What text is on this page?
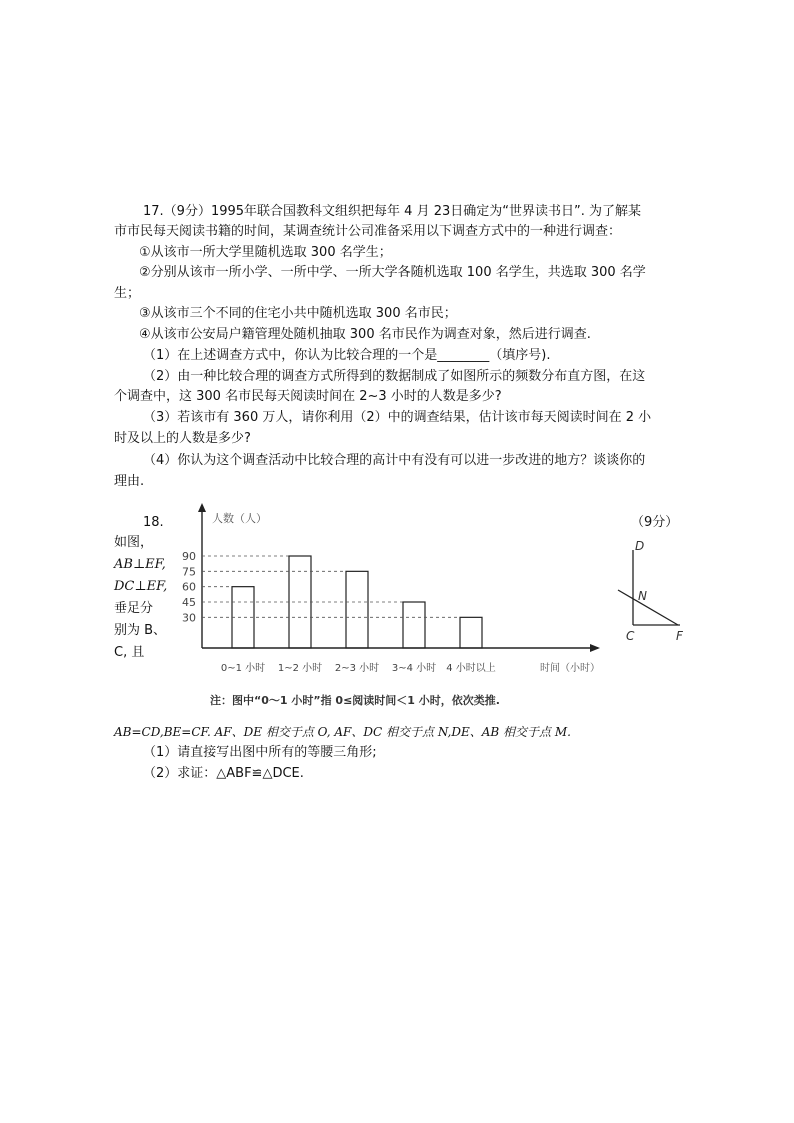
17.（9分）1995年联合国教科文组织把每年 4 月 23日确定为“世界读书日”. 为了解某
市市民每天阅读书籍的时间，某调查统计公司准备采用以下调查方式中的一种进行调查：
①从该市一所大学里随机选取 300 名学生；
②分别从该市一所小学、一所中学、一所大学各随机选取 100 名学生，共选取 300 名学
生；
③从该市三个不同的住宅小共中随机选取 300 名市民；
④从该市公安局户籍管理处随机抽取 300 名市民作为调查对象，然后进行调查.
（1）在上述调查方式中，你认为比较合理的一个是________（填序号).
（2）由一种比较合理的调查方式所得到的数据制成了如图所示的频数分布直方图，在这
个调查中，这 300 名市民每天阅读时间在 2~3 小时的人数是多少?
（3）若该市有 360 万人，请你利用（2）中的调查结果，估计该市每天阅读时间在 2 小
时及以上的人数是多少?
（4）你认为这个调查活动中比较合理的高计中有没有可以进一步改进的地方？谈谈你的
理由.
18.	（9分）
人数（人）
时间（小时）
30
45
60
75
90
0~1 小时 1~2 小时 2~3 小时 3~4 小时 4 小时以上
注：图中“0～1 小时”指 0≤阅读时间＜1 小时，依次类推.
D
N
C	F
AB=CD,BE=CF. AF、DE 相交于点 O, AF、DC 相交于点 N,DE、AB 相交于点 M.
（1）请直接写出图中所有的等腰三角形;
（2）求证：△ABF≌△DCE.
如图，
AB⊥EF,
DC⊥EF,
垂足分
别为 B、
C, 且
